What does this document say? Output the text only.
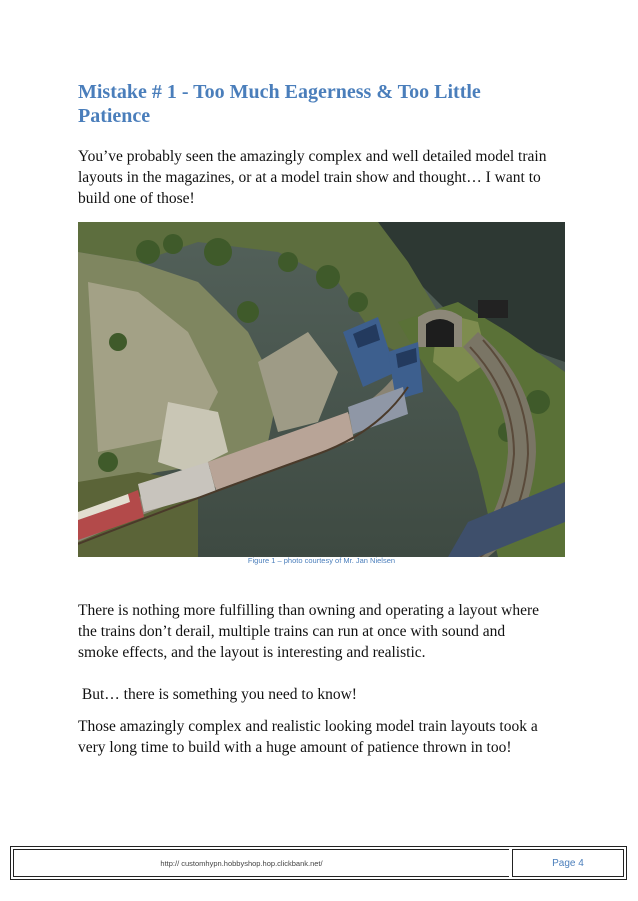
Mistake # 1 - Too Much Eagerness & Too Little Patience
You’ve probably seen the amazingly complex and well detailed model train layouts in the magazines, or at a model train show and thought… I want to build one of those!
Figure 1 – photo courtesy of Mr. Jan Nielsen
There is nothing more fulfilling than owning and operating a layout where the trains don’t derail, multiple trains can run at once with sound and smoke effects, and the layout is interesting and realistic.
But… there is something you need to know!
Those amazingly complex and realistic looking model train layouts took a very long time to build with a huge amount of patience thrown in too!
http:// customhypn.hobbyshop.hop.clickbank.net/	Page 4
